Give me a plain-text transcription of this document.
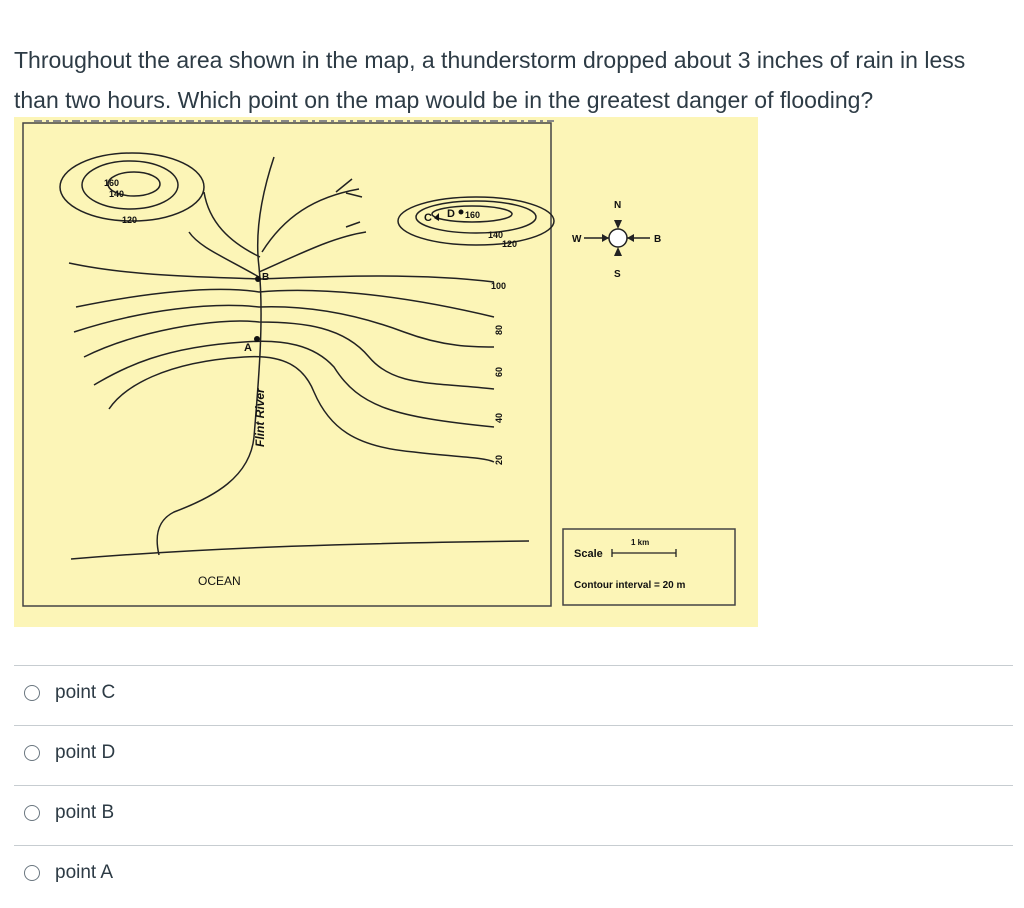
Throughout the area shown in the map, a thunderstorm dropped about 3 inches of rain in less than two hours. Which point on the map would be in the greatest danger of flooding?
160
140
120	D 160
140
120
C
100
80
60
40
20
B
A
Flint River
OCEAN
N
S
W	B
Scale
1 km
Contour interval = 20 m
point C
point D
point B
point A
